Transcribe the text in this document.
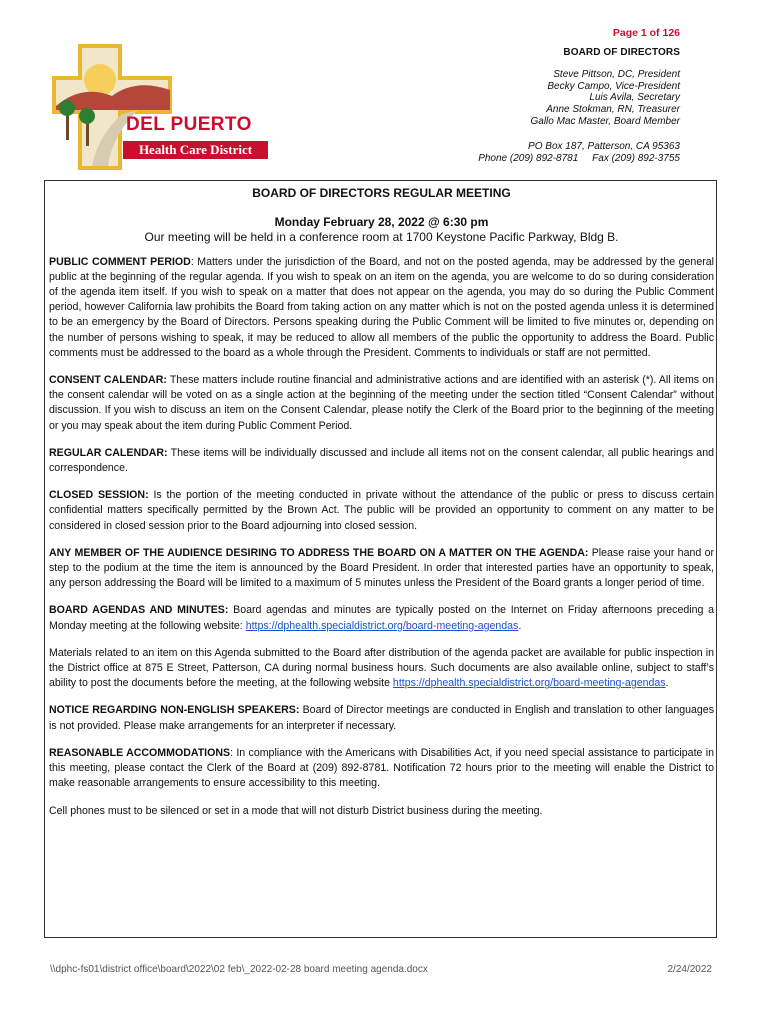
Page 1 of 126
BOARD OF DIRECTORS
Steve Pittson, DC, President
Becky Campo, Vice-President
Luis Avila, Secretary
Anne Stokman, RN, Treasurer
Gallo Mac Master, Board Member
PO Box 187, Patterson, CA 95363
Phone (209) 892-8781     Fax (209) 892-3755
DEL PUERTO
Health Care District

BOARD OF DIRECTORS REGULAR MEETING

Monday February 28, 2022 @ 6:30 pm

Our meeting will be held in a conference room at 1700 Keystone Pacific Parkway, Bldg B.

PUBLIC COMMENT PERIOD: Matters under the jurisdiction of the Board, and not on the posted agenda, may be addressed by the general public at the beginning of the regular agenda. If you wish to speak on an item on the agenda, you are welcome to do so during consideration of the agenda item itself. If you wish to speak on a matter that does not appear on the agenda, you may do so during the Public Comment period, however California law prohibits the Board from taking action on any matter which is not on the posted agenda unless it is determined to be an emergency by the Board of Directors. Persons speaking during the Public Comment will be limited to five minutes or, depending on the number of persons wishing to speak, it may be reduced to allow all members of the public the opportunity to address the Board. Public comments must be addressed to the board as a whole through the President. Comments to individuals or staff are not permitted.

CONSENT CALENDAR: These matters include routine financial and administrative actions and are identified with an asterisk (*). All items on the consent calendar will be voted on as a single action at the beginning of the meeting under the section titled “Consent Calendar” without discussion. If you wish to discuss an item on the Consent Calendar, please notify the Clerk of the Board prior to the beginning of the meeting or you may speak about the item during Public Comment Period.

REGULAR CALENDAR: These items will be individually discussed and include all items not on the consent calendar, all public hearings and correspondence.

CLOSED SESSION: Is the portion of the meeting conducted in private without the attendance of the public or press to discuss certain confidential matters specifically permitted by the Brown Act. The public will be provided an opportunity to comment on any matter to be considered in closed session prior to the Board adjourning into closed session.

ANY MEMBER OF THE AUDIENCE DESIRING TO ADDRESS THE BOARD ON A MATTER ON THE AGENDA: Please raise your hand or step to the podium at the time the item is announced by the Board President. In order that interested parties have an opportunity to speak, any person addressing the Board will be limited to a maximum of 5 minutes unless the President of the Board grants a longer period of time.

BOARD AGENDAS AND MINUTES: Board agendas and minutes are typically posted on the Internet on Friday afternoons preceding a Monday meeting at the following website: https://dphealth.specialdistrict.org/board-meeting-agendas.

Materials related to an item on this Agenda submitted to the Board after distribution of the agenda packet are available for public inspection in the District office at 875 E Street, Patterson, CA during normal business hours. Such documents are also available online, subject to staff’s ability to post the documents before the meeting, at the following website https://dphealth.specialdistrict.org/board-meeting-agendas.

NOTICE REGARDING NON-ENGLISH SPEAKERS: Board of Director meetings are conducted in English and translation to other languages is not provided. Please make arrangements for an interpreter if necessary.

REASONABLE ACCOMMODATIONS: In compliance with the Americans with Disabilities Act, if you need special assistance to participate in this meeting, please contact the Clerk of the Board at (209) 892-8781. Notification 72 hours prior to the meeting will enable the District to make reasonable arrangements to ensure accessibility to this meeting.

Cell phones must to be silenced or set in a mode that will not disturb District business during the meeting.

\\dphc-fs01\district office\board\2022\02 feb\_2022-02-28 board meeting agenda.docx	2/24/2022
